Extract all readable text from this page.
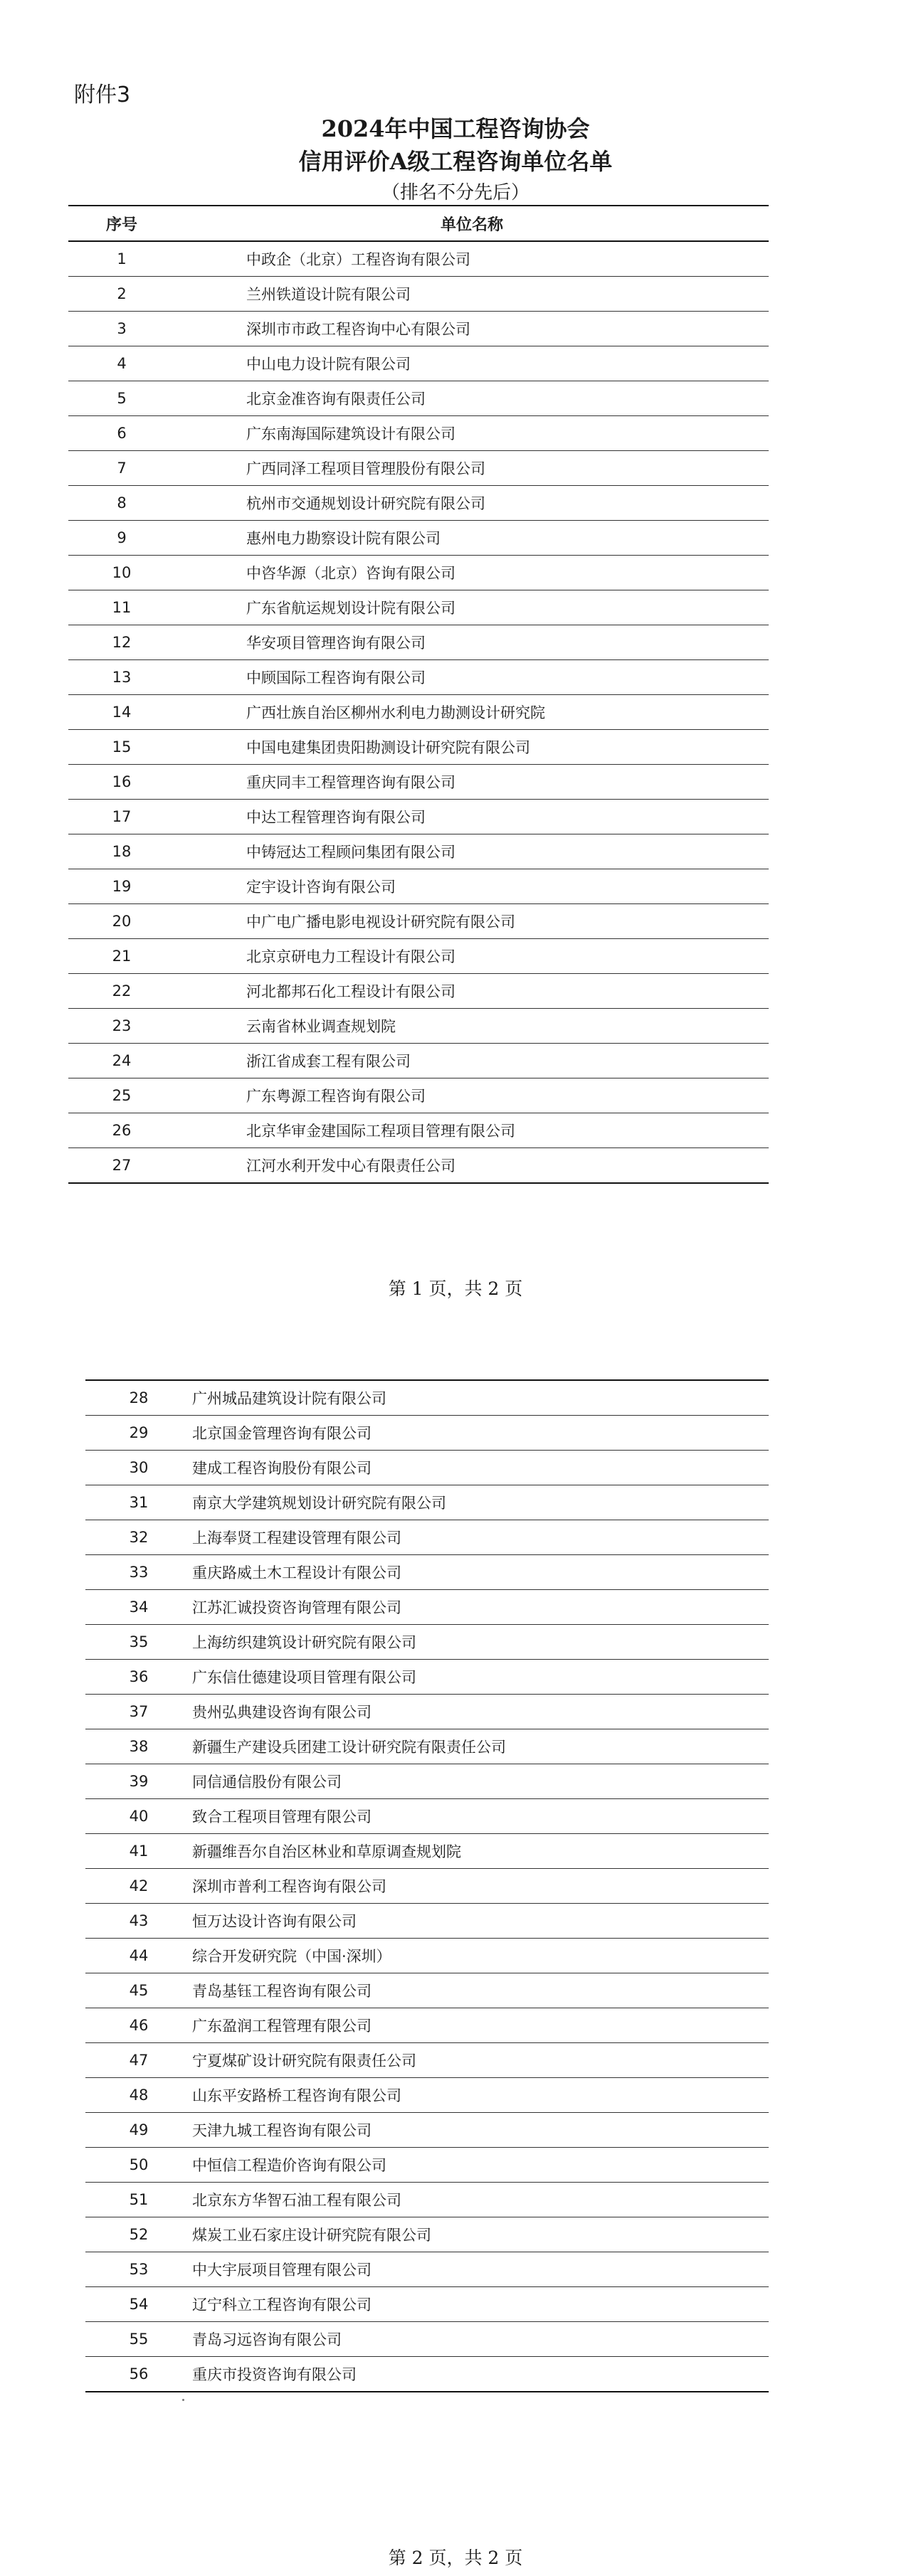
附件3
2024年中国工程咨询协会
信用评价A级工程咨询单位名单
（排名不分先后）
序号	单位名称
1	中政企（北京）工程咨询有限公司
2	兰州铁道设计院有限公司
3	深圳市市政工程咨询中心有限公司
4	中山电力设计院有限公司
5	北京金准咨询有限责任公司
6	广东南海国际建筑设计有限公司
7	广西同泽工程项目管理股份有限公司
8	杭州市交通规划设计研究院有限公司
9	惠州电力勘察设计院有限公司
10	中咨华源（北京）咨询有限公司
11	广东省航运规划设计院有限公司
12	华安项目管理咨询有限公司
13	中顾国际工程咨询有限公司
14	广西壮族自治区柳州水利电力勘测设计研究院
15	中国电建集团贵阳勘测设计研究院有限公司
16	重庆同丰工程管理咨询有限公司
17	中达工程管理咨询有限公司
18	中铸冠达工程顾问集团有限公司
19	定宇设计咨询有限公司
20	中广电广播电影电视设计研究院有限公司
21	北京京研电力工程设计有限公司
22	河北都邦石化工程设计有限公司
23	云南省林业调查规划院
24	浙江省成套工程有限公司
25	广东粤源工程咨询有限公司
26	北京华审金建国际工程项目管理有限公司
27	江河水利开发中心有限责任公司
第 1 页，共 2 页
28	广州城品建筑设计院有限公司
29	北京国金管理咨询有限公司
30	建成工程咨询股份有限公司
31	南京大学建筑规划设计研究院有限公司
32	上海奉贤工程建设管理有限公司
33	重庆路威土木工程设计有限公司
34	江苏汇诚投资咨询管理有限公司
35	上海纺织建筑设计研究院有限公司
36	广东信仕德建设项目管理有限公司
37	贵州弘典建设咨询有限公司
38	新疆生产建设兵团建工设计研究院有限责任公司
39	同信通信股份有限公司
40	致合工程项目管理有限公司
41	新疆维吾尔自治区林业和草原调查规划院
42	深圳市普利工程咨询有限公司
43	恒万达设计咨询有限公司
44	综合开发研究院（中国·深圳）
45	青岛基钰工程咨询有限公司
46	广东盈润工程管理有限公司
47	宁夏煤矿设计研究院有限责任公司
48	山东平安路桥工程咨询有限公司
49	天津九城工程咨询有限公司
50	中恒信工程造价咨询有限公司
51	北京东方华智石油工程有限公司
52	煤炭工业石家庄设计研究院有限公司
53	中大宇辰项目管理有限公司
54	辽宁科立工程咨询有限公司
55	青岛习远咨询有限公司
56	重庆市投资咨询有限公司
第 2 页，共 2 页
